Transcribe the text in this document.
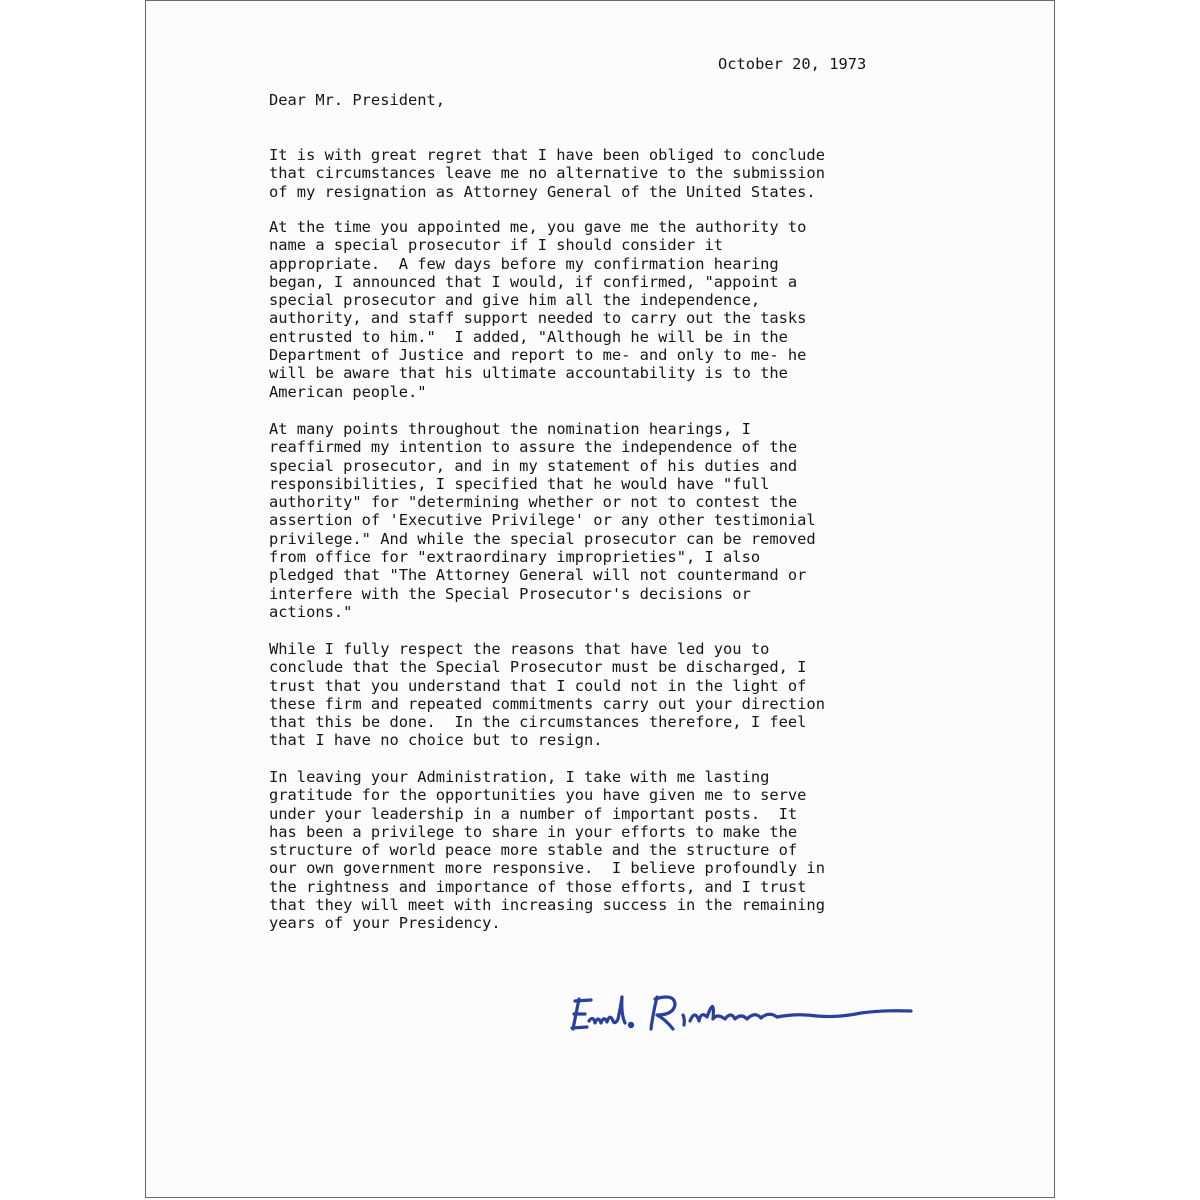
October 20, 1973
Dear Mr. President,
It is with great regret that I have been obliged to conclude
that circumstances leave me no alternative to the submission
of my resignation as Attorney General of the United States.
At the time you appointed me, you gave me the authority to
name a special prosecutor if I should consider it
appropriate.  A few days before my confirmation hearing
began, I announced that I would, if confirmed, "appoint a
special prosecutor and give him all the independence,
authority, and staff support needed to carry out the tasks
entrusted to him."  I added, "Although he will be in the
Department of Justice and report to me- and only to me- he
will be aware that his ultimate accountability is to the
American people."
At many points throughout the nomination hearings, I
reaffirmed my intention to assure the independence of the
special prosecutor, and in my statement of his duties and
responsibilities, I specified that he would have "full
authority" for "determining whether or not to contest the
assertion of 'Executive Privilege' or any other testimonial
privilege." And while the special prosecutor can be removed
from office for "extraordinary improprieties", I also
pledged that "The Attorney General will not countermand or
interfere with the Special Prosecutor's decisions or
actions."
While I fully respect the reasons that have led you to
conclude that the Special Prosecutor must be discharged, I
trust that you understand that I could not in the light of
these firm and repeated commitments carry out your direction
that this be done.  In the circumstances therefore, I feel
that I have no choice but to resign.
In leaving your Administration, I take with me lasting
gratitude for the opportunities you have given me to serve
under your leadership in a number of important posts.  It
has been a privilege to share in your efforts to make the
structure of world peace more stable and the structure of
our own government more responsive.  I believe profoundly in
the rightness and importance of those efforts, and I trust
that they will meet with increasing success in the remaining
years of your Presidency.
